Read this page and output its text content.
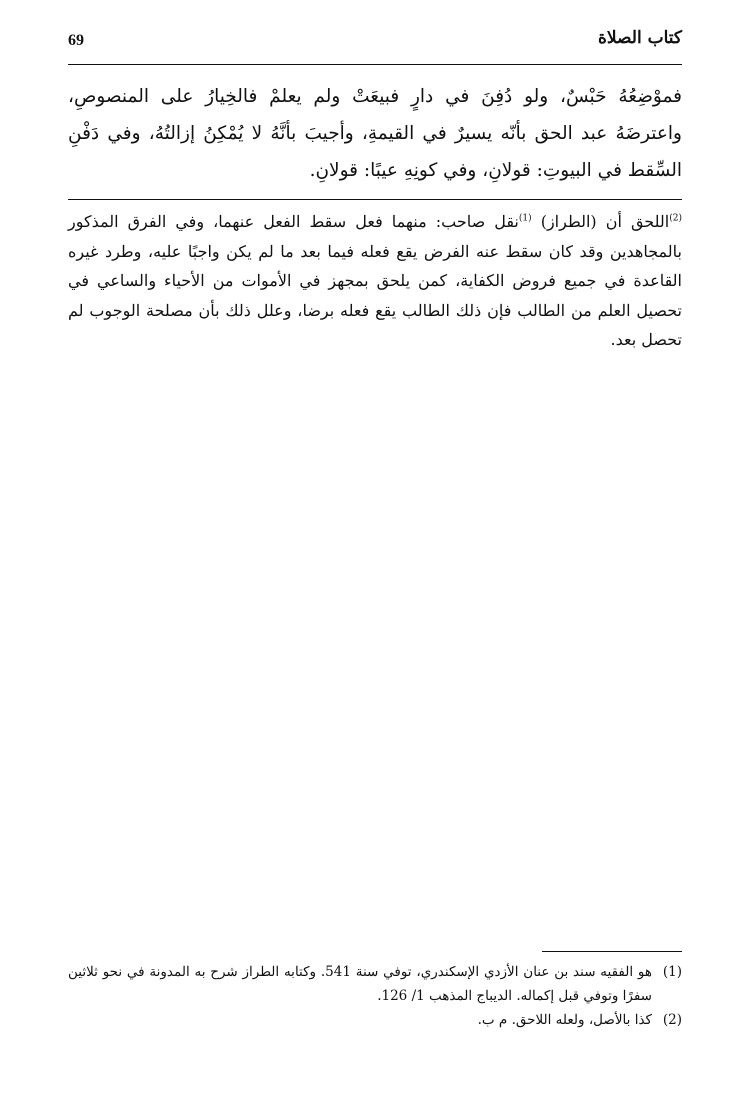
69	كتاب الصلاة
فموْضِعُهُ حَبْسٌ، ولو دُفِنَ في دارٍ فبيعَتْ ولم يعلمْ فالخِيارُ على المنصوصِ، واعترضَهُ عبد الحق بأنّه يسيرٌ في القيمةِ، وأجيبَ بأنَّهُ لا يُمْكِنُ إزالتُهُ، وفي دَفْنِ السِّقط في البيوتِ: قولانِ، وفي كونِهِ عيبًا: قولانِ.
$^{(2)}$اللحق أن (الطراز) $^{(1)}$نقل صاحب: منهما فعل سقط الفعل عنهما، وفي الفرق المذكور بالمجاهدين وقد كان سقط عنه الفرض يقع فعله فيما بعد ما لم يكن واجبًا عليه، وطرد غيره القاعدة في جميع فروض الكفاية، كمن يلحق بمجهز في الأموات من الأحياء والساعي في تحصيل العلم من الطالب فإن ذلك الطالب يقع فعله برضا، وعلل ذلك بأن مصلحة الوجوب لم تحصل بعد.
(1)
هو الفقيه سند بن عنان الأزدي الإسكندري، توفي سنة 541. وكتابه الطراز شرح به المدونة في نحو ثلاثين سفرًا وتوفي قبل إكماله. الديباج المذهب 1/ 126.
(2)
كذا بالأصل، ولعله اللاحق. م ب.
